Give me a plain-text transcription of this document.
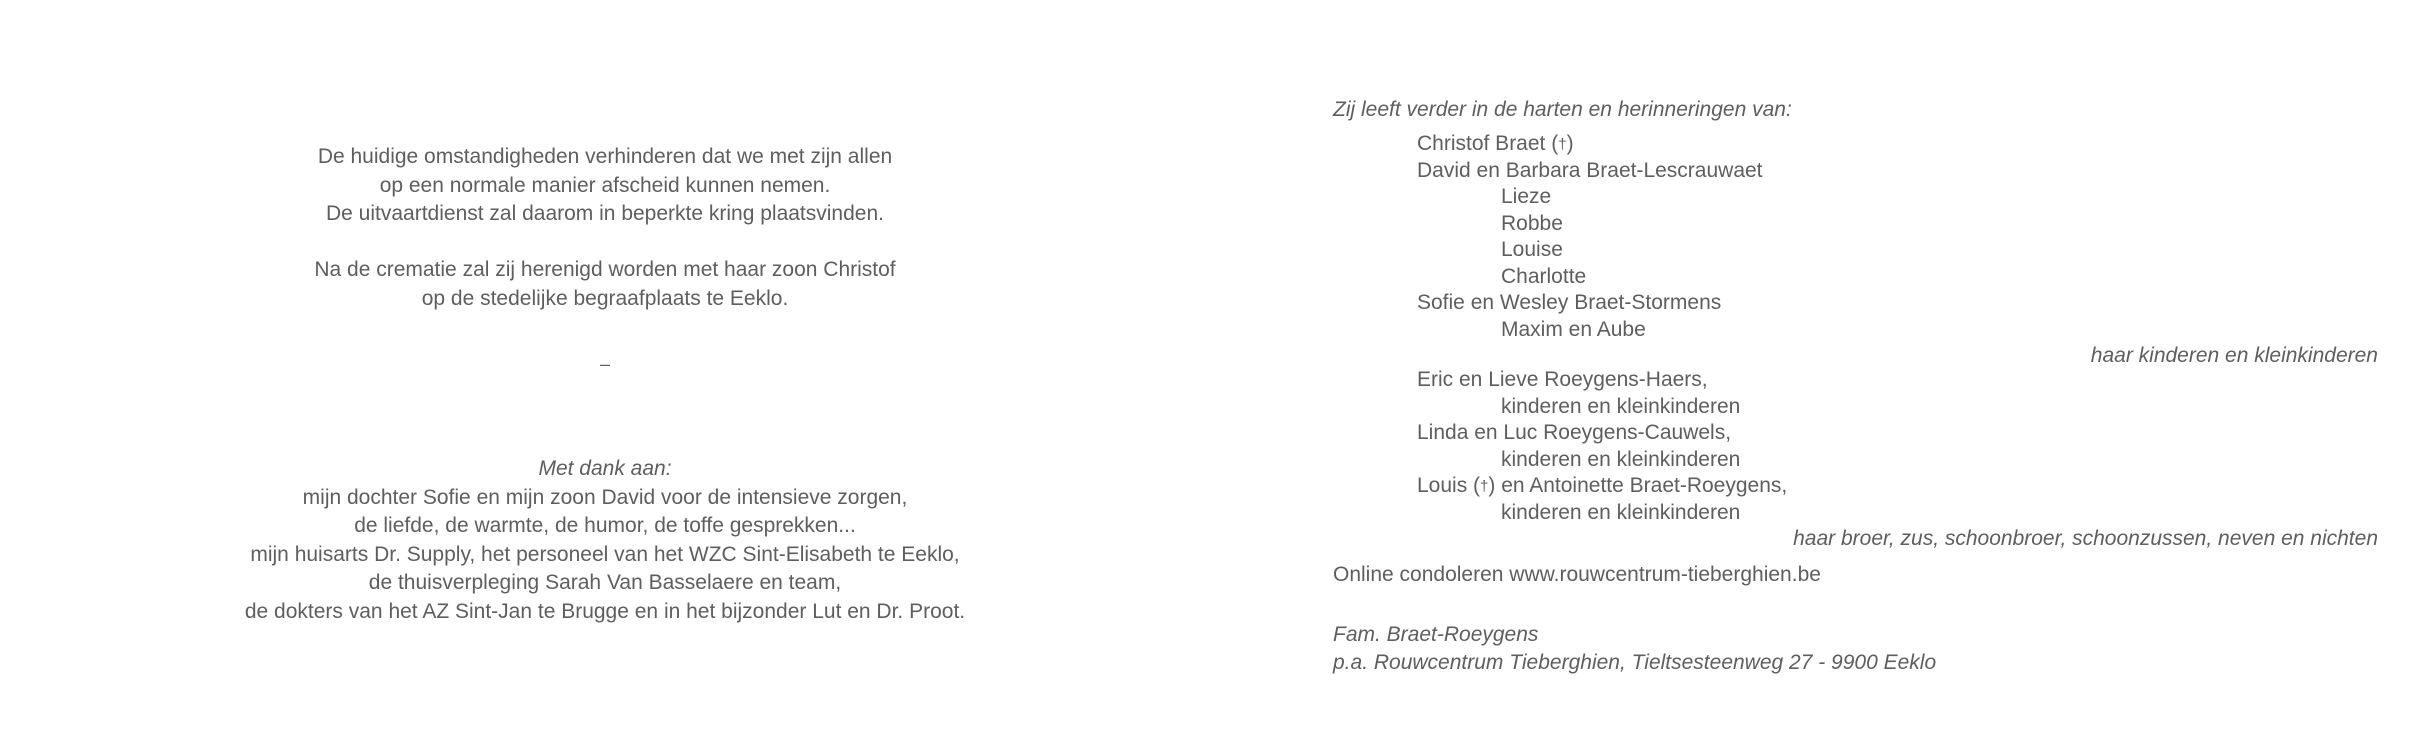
De huidige omstandigheden verhinderen dat we met zijn allen

op een normale manier afscheid kunnen nemen.

De uitvaartdienst zal daarom in beperkte kring plaatsvinden.

Na de crematie zal zij herenigd worden met haar zoon Christof

op de stedelijke begraafplaats te Eeklo.

–

Met dank aan:

mijn dochter Sofie en mijn zoon David voor de intensieve zorgen,

de liefde, de warmte, de humor, de toffe gesprekken...

mijn huisarts Dr. Supply, het personeel van het WZC Sint-Elisabeth te Eeklo,

de thuisverpleging Sarah Van Basselaere en team,

de dokters van het AZ Sint-Jan te Brugge en in het bijzonder Lut en Dr. Proot.

Zij leeft verder in de harten en herinneringen van:

Christof Braet (†)

David en Barbara Braet-Lescrauwaet

Lieze

Robbe

Louise

Charlotte

Sofie en Wesley Braet-Stormens

Maxim en Aube

haar kinderen en kleinkinderen

Eric en Lieve Roeygens-Haers,

kinderen en kleinkinderen

Linda en Luc Roeygens-Cauwels,

kinderen en kleinkinderen

Louis (†) en Antoinette Braet-Roeygens,

kinderen en kleinkinderen

haar broer, zus, schoonbroer, schoonzussen, neven en nichten

Online condoleren www.rouwcentrum-tieberghien.be

Fam. Braet-Roeygens

p.a. Rouwcentrum Tieberghien, Tieltsesteenweg 27 - 9900 Eeklo
